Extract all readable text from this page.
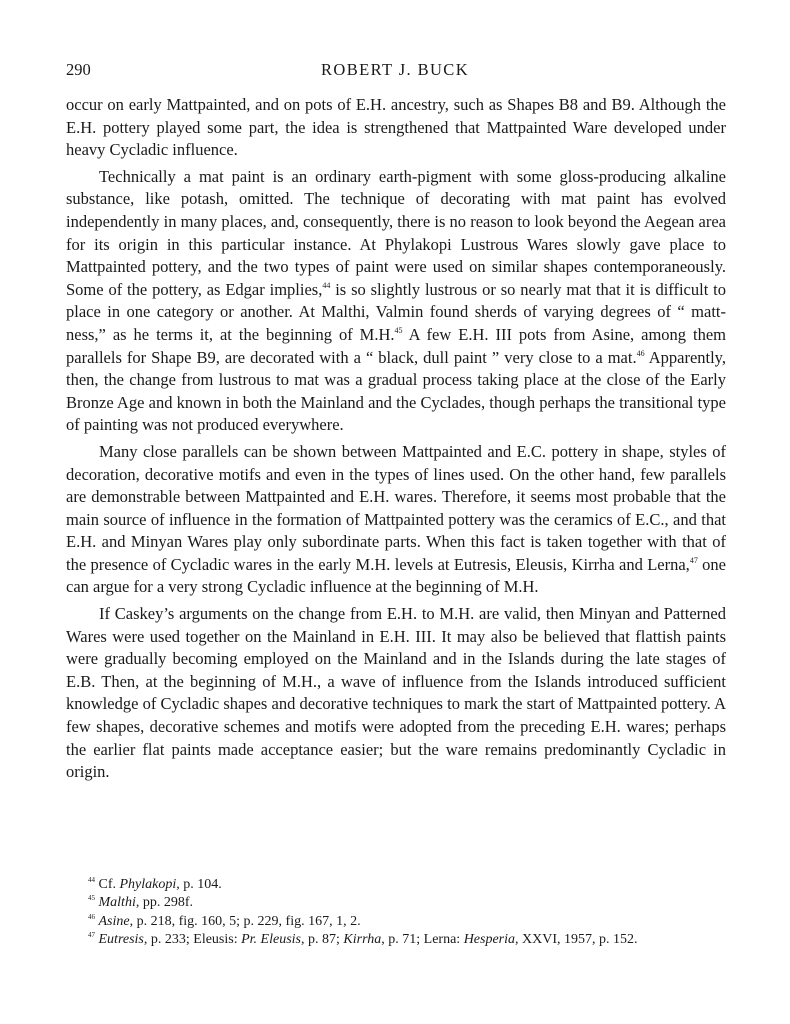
290	ROBERT J. BUCK

occur on early Mattpainted, and on pots of E.H. ancestry, such as Shapes B8 and B9. Although the E.H. pottery played some part, the idea is strengthened that Mattpainted Ware developed under heavy Cycladic influence.

Technically a mat paint is an ordinary earth-pigment with some gloss-producing alkaline substance, like potash, omitted. The technique of decorating with mat paint has evolved independently in many places, and, consequently, there is no reason to look beyond the Aegean area for its origin in this particular instance. At Phylakopi Lustrous Wares slowly gave place to Mattpainted pottery, and the two types of paint were used on similar shapes contemporaneously. Some of the pottery, as Edgar implies,$^{44}$ is so slightly lustrous or so nearly mat that it is difficult to place in one category or another. At Malthi, Valmin found sherds of varying degrees of “ matt- ness,” as he terms it, at the beginning of M.H.$^{45}$ A few E.H. III pots from Asine, among them parallels for Shape B9, are decorated with a “ black, dull paint ” very close to a mat.$^{46}$ Apparently, then, the change from lustrous to mat was a gradual process taking place at the close of the Early Bronze Age and known in both the Mainland and the Cyclades, though perhaps the transitional type of painting was not produced everywhere.

Many close parallels can be shown between Mattpainted and E.C. pottery in shape, styles of decoration, decorative motifs and even in the types of lines used. On the other hand, few parallels are demonstrable between Mattpainted and E.H. wares. Therefore, it seems most probable that the main source of influence in the formation of Mattpainted pottery was the ceramics of E.C., and that E.H. and Minyan Wares play only subordinate parts. When this fact is taken together with that of the presence of Cycladic wares in the early M.H. levels at Eutresis, Eleusis, Kirrha and Lerna,$^{47}$ one can argue for a very strong Cycladic influence at the beginning of M.H.

If Caskey’s arguments on the change from E.H. to M.H. are valid, then Minyan and Patterned Wares were used together on the Mainland in E.H. III. It may also be believed that flattish paints were gradually becoming employed on the Mainland and in the Islands during the late stages of E.B. Then, at the beginning of M.H., a wave of influence from the Islands introduced sufficient knowledge of Cycladic shapes and decorative techniques to mark the start of Mattpainted pottery. A few shapes, decorative schemes and motifs were adopted from the preceding E.H. wares; perhaps the earlier flat paints made acceptance easier; but the ware remains predominantly Cycladic in origin.

$^{44}$ Cf. Phylakopi, p. 104.

$^{45}$ Malthi, pp. 298f.

$^{46}$ Asine, p. 218, fig. 160, 5; p. 229, fig. 167, 1, 2.

$^{47}$ Eutresis, p. 233; Eleusis: Pr. Eleusis, p. 87; Kirrha, p. 71; Lerna: Hesperia, XXVI, 1957, p. 152.
